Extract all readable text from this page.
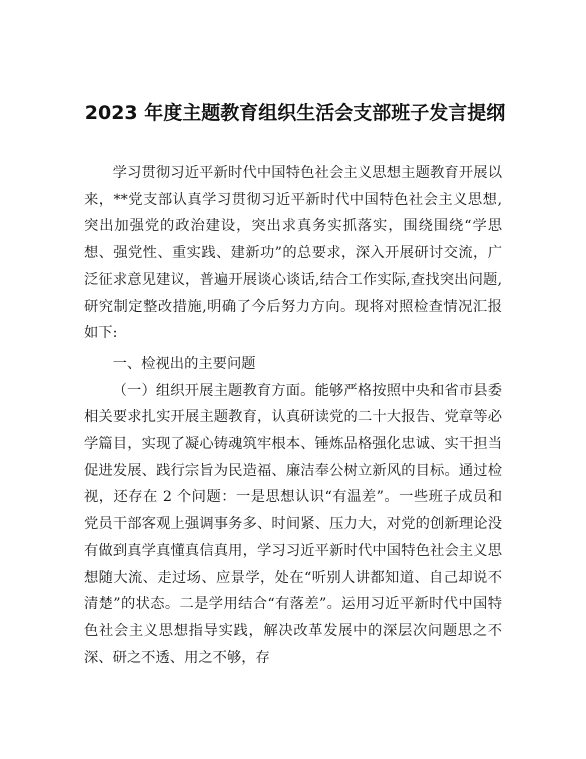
2023 年度主题教育组织生活会支部班子发言提纲

学习贯彻习近平新时代中国特色社会主义思想主题教育开展以来，**党支部认真学习贯彻习近平新时代中国特色社会主义思想,突出加强党的政治建设，突出求真务实抓落实，围绕围绕“学思想、强党性、重实践、建新功”的总要求，深入开展研讨交流，广泛征求意见建议，普遍开展谈心谈话,结合工作实际,查找突出问题,研究制定整改措施,明确了今后努力方向。现将对照检查情况汇报如下:

一、检视出的主要问题

（一）组织开展主题教育方面。能够严格按照中央和省市县委相关要求扎实开展主题教育，认真研读党的二十大报告、党章等必学篇目，实现了凝心铸魂筑牢根本、锤炼品格强化忠诚、实干担当促进发展、践行宗旨为民造福、廉洁奉公树立新风的目标。通过检视，还存在 2 个问题：一是思想认识“有温差”。一些班子成员和党员干部客观上强调事务多、时间紧、压力大，对党的创新理论没有做到真学真懂真信真用，学习习近平新时代中国特色社会主义思想随大流、走过场、应景学，处在“听别人讲都知道、自己却说不清楚”的状态。二是学用结合“有落差”。运用习近平新时代中国特色社会主义思想指导实践，解决改革发展中的深层次问题思之不深、研之不透、用之不够，存
